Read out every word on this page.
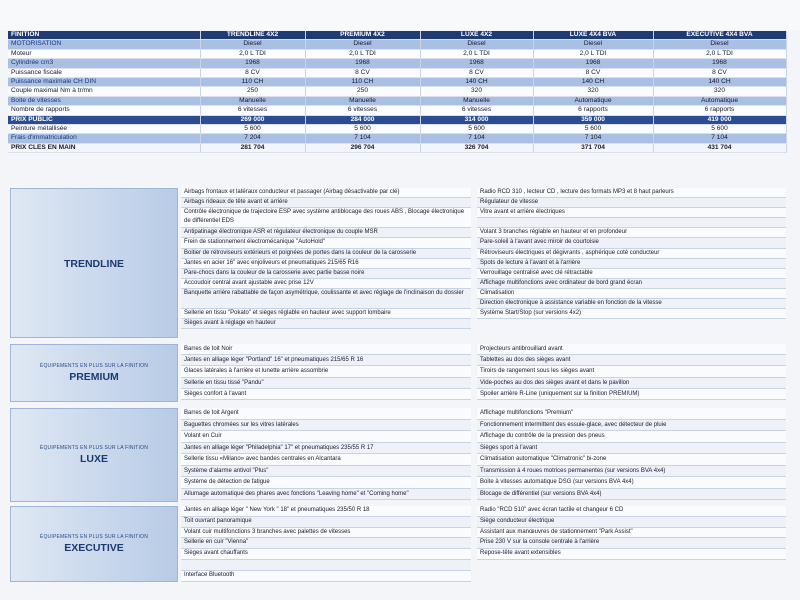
FINITION	TRENDLINE 4X2	PREMIUM 4X2	LUXE 4X2	LUXE 4X4 BVA	EXECUTIVE 4X4 BVA
MOTORISATION	Diesel	Diesel	Diesel	Diesel	Diesel
Moteur	2,0 L TDI	2,0 L TDI	2,0 L TDI	2,0 L TDI	2,0 L TDI
Cylindrée cm3	1968	1968	1968	1968	1968
Puissance fiscale	8 CV	8 CV	8 CV	8 CV	8 CV
Puissance maximale CH DIN	110 CH	110 CH	140 CH	140 CH	140 CH
Couple maximal Nm à tr/mn	250	250	320	320	320
Boite de vitesses	Manuelle	Manuelle	Manuelle	Automatique	Automatique
Nombre de rapports	6 vitesses	6 vitesses	6 vitesses	6 rapports	6 rapports
PRIX PUBLIC	269 000	284 000	314 000	359 000	419 000
Peinture métallisée	5 600	5 600	5 600	5 600	5 600
Frais d'immatriculation	7 204	7 104	7 104	7 104	7 104
PRIX CLES EN MAIN	281 704	296 704	326 704	371 704	431 704
TRENDLINE
Airbags frontaux et latéraux conducteur et passager (Airbag désactivable par clé)
Airbags rideaux de tête avant et arrière
Contrôle électronique de trajectoire ESP avec système antiblocage des roues ABS , Blocage électronique de différentiel EDS
Antipatinage électronique ASR et régulateur électronique du couple MSR
Frein de stationnement électromécanique "AutoHold"
Boitier de rétroviseurs extérieurs et poignées de portes dans la couleur de la carosserie
Jantes en acier 16" avec enjoliveurs et pneumatiques 215/65 R16
Pare-chocs dans la couleur de la carosserie avec partie basse noire
Accoudoir central avant ajustable avec prise 12V
Banquette arrière rabattable de façon asymétrique, coulissante et avec réglage de l'inclinaison du dossier
Sellerie en tissu "Pokato" et sièges réglable en hauteur avec support lombaire
Sièges avant à réglage en hauteur
Radio RCD 310 , lecteur CD , lecture des formats MP3 et 8 haut parleurs
Régulateur de vitesse
Vitre avant et arrière électriques
Volant 3 branches réglable en hauteur et en profondeur
Pare-soleil à l'avant avec miroir de courtoisie
Rétroviseurs électriques et dégivrants , asphérique coté conducteur
Spots de lecture à l'avant et à l'arrière
Verrouillage centralisé avec clé rétractable
Affichage multifonctions avec ordinateur de bord grand écran
Climatisation
Direction électronique à assistance variable en fonction de la vitesse
Système Start/Stop (sur versions 4x2)
ÉQUIPEMENTS EN PLUS SUR LA FINITION
PREMIUM
Barres de toit Noir
Jantes en alliage léger "Portland" 16" et pneumatiques 215/65 R 16
Glaces latérales à l'arrière et lunette arrière assombrie
Sellerie en tissu tissé "Pandu"
Sièges confort à l'avant
Projecteurs antibrouillard avant
Tablettes au dos des sièges avant
Tiroirs de rangement sous les sièges avant
Vide-poches au dos des sièges avant et dans le pavillon
Spoiler arrière R-Line (uniquement sur la finition PREMIUM)
ÉQUIPEMENTS EN PLUS SUR LA FINITION
LUXE
Barres de toit Argent
Baguettes chromées sur les vitres latérales
Volant en Cuir
Jantes en alliage léger "Philadelphia" 17" et pneumatiques 235/55 R 17
Sellerie tissu «Milano» avec bandes centrales en Alcantara
Système d'alarme antivol "Plus"
Système de détection de fatigue
Allumage automatique des phares avec fonctions "Leaving home" et "Coming home"
Affichage multifonctions "Premium"
Fonctionnement intermittent des essuie-glace, avec détecteur de pluie
Affichage du contrôle de la pression des pneus
Sièges sport à l'avant
Climatisation automatique "Climatronic" bi-zone
Transmission à 4 roues motrices permanentes (sur versions BVA 4x4)
Boite à vitesses automatique DSG (sur versions BVA 4x4)
Blocage de différentiel (sur versions BVA 4x4)
ÉQUIPEMENTS EN PLUS SUR LA FINITION
EXECUTIVE
Jantes en alliage léger " New York " 18" et pneumatiques 235/50 R 18
Toit ouvrant panoramique
Volant cuir multifonctions 3 branches avec palettes de vitesses
Sellerie en cuir "Vienna"
Sièges avant chauffants
Interface Bluetooth
Radio "RCD 510" avec écran tactile et changeur 6 CD
Siège conducteur électrique
Assistant aux manœuvres de stationnement "Park Assist"
Prise 230 V sur la console centrale à l'arrière
Repose-tête avant extensibles
